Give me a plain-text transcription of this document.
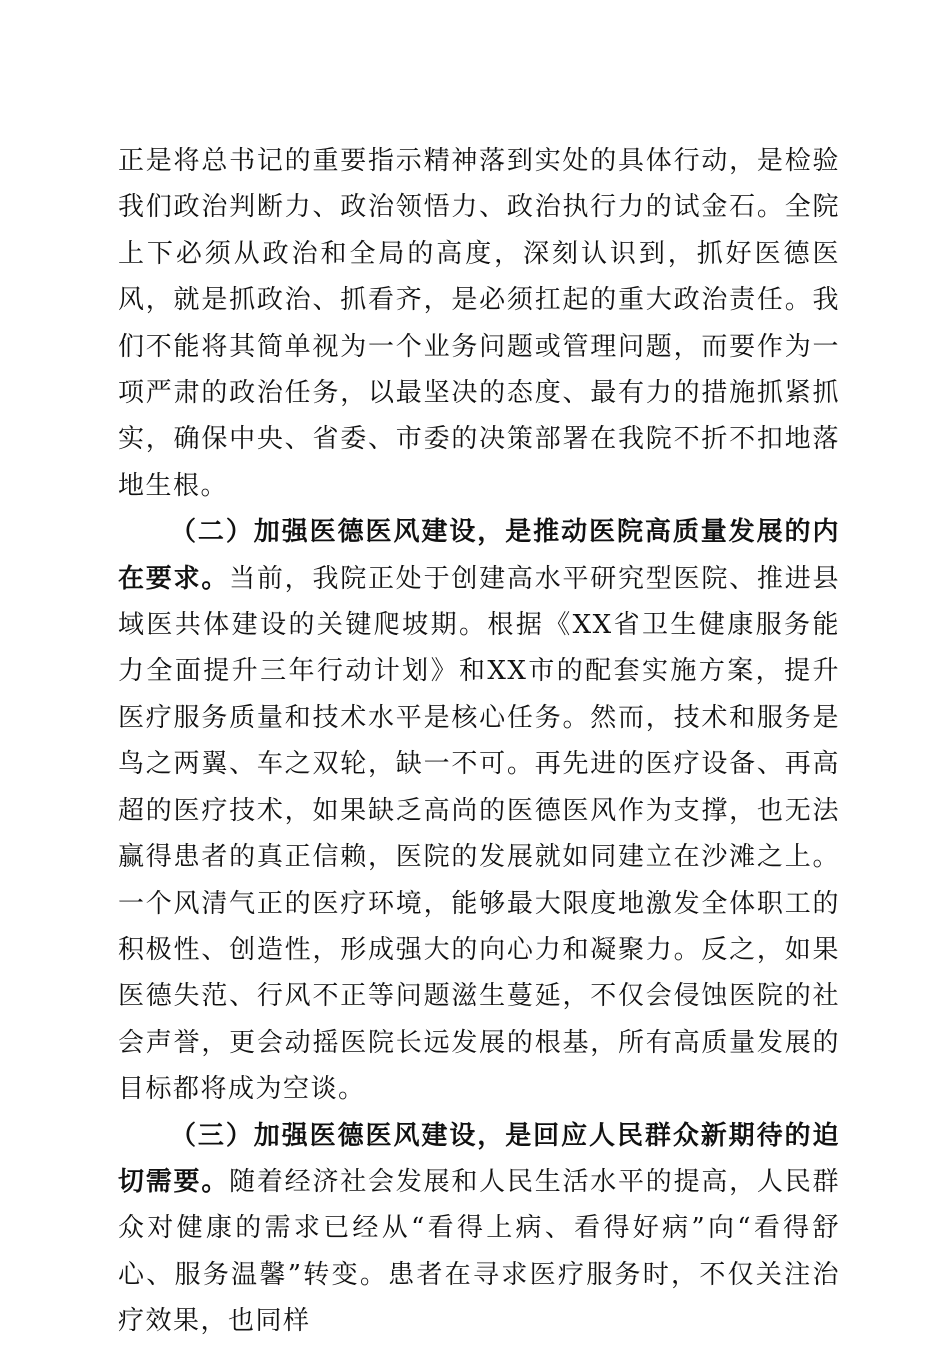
正是将总书记的重要指示精神落到实处的具体行动，是检验我们政治判断力、政治领悟力、政治执行力的试金石。全院上下必须从政治和全局的高度，深刻认识到，抓好医德医风，就是抓政治、抓看齐，是必须扛起的重大政治责任。我们不能将其简单视为一个业务问题或管理问题，而要作为一项严肃的政治任务，以最坚决的态度、最有力的措施抓紧抓实，确保中央、省委、市委的决策部署在我院不折不扣地落地生根。

（二）加强医德医风建设，是推动医院高质量发展的内在要求。当前，我院正处于创建高水平研究型医院、推进县域医共体建设的关键爬坡期。根据《XX省卫生健康服务能力全面提升三年行动计划》和XX市的配套实施方案，提升医疗服务质量和技术水平是核心任务。然而，技术和服务是鸟之两翼、车之双轮，缺一不可。再先进的医疗设备、再高超的医疗技术，如果缺乏高尚的医德医风作为支撑，也无法赢得患者的真正信赖，医院的发展就如同建立在沙滩之上。一个风清气正的医疗环境，能够最大限度地激发全体职工的积极性、创造性，形成强大的向心力和凝聚力。反之，如果医德失范、行风不正等问题滋生蔓延，不仅会侵蚀医院的社会声誉，更会动摇医院长远发展的根基，所有高质量发展的目标都将成为空谈。

（三）加强医德医风建设，是回应人民群众新期待的迫切需要。随着经济社会发展和人民生活水平的提高，人民群众对健康的需求已经从“看得上病、看得好病”向“看得舒心、服务温馨”转变。患者在寻求医疗服务时，不仅关注治疗效果，也同样
